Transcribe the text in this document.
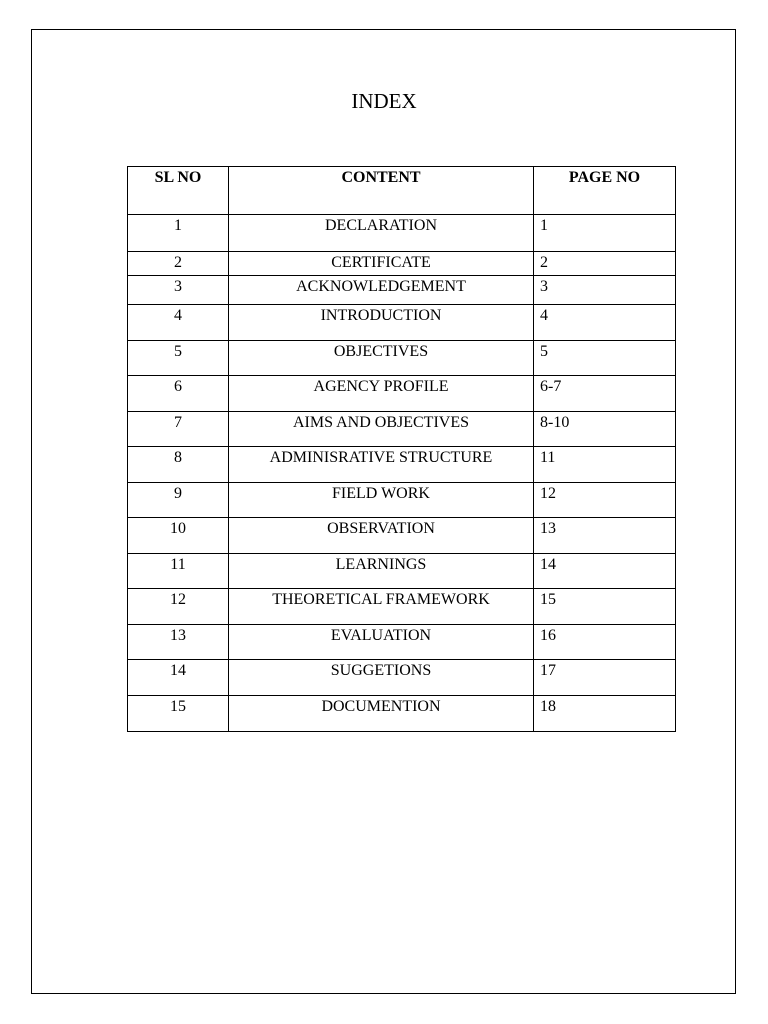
INDEX
SL NO	CONTENT	PAGE NO
1	DECLARATION	1
2	CERTIFICATE	2
3	ACKNOWLEDGEMENT	3
4	INTRODUCTION	4
5	OBJECTIVES	5
6	AGENCY PROFILE	6-7
7	AIMS AND OBJECTIVES	8-10
8	ADMINISRATIVE STRUCTURE	11
9	FIELD WORK	12
10	OBSERVATION	13
11	LEARNINGS	14
12	THEORETICAL FRAMEWORK	15
13	EVALUATION	16
14	SUGGETIONS	17
15	DOCUMENTION	18
